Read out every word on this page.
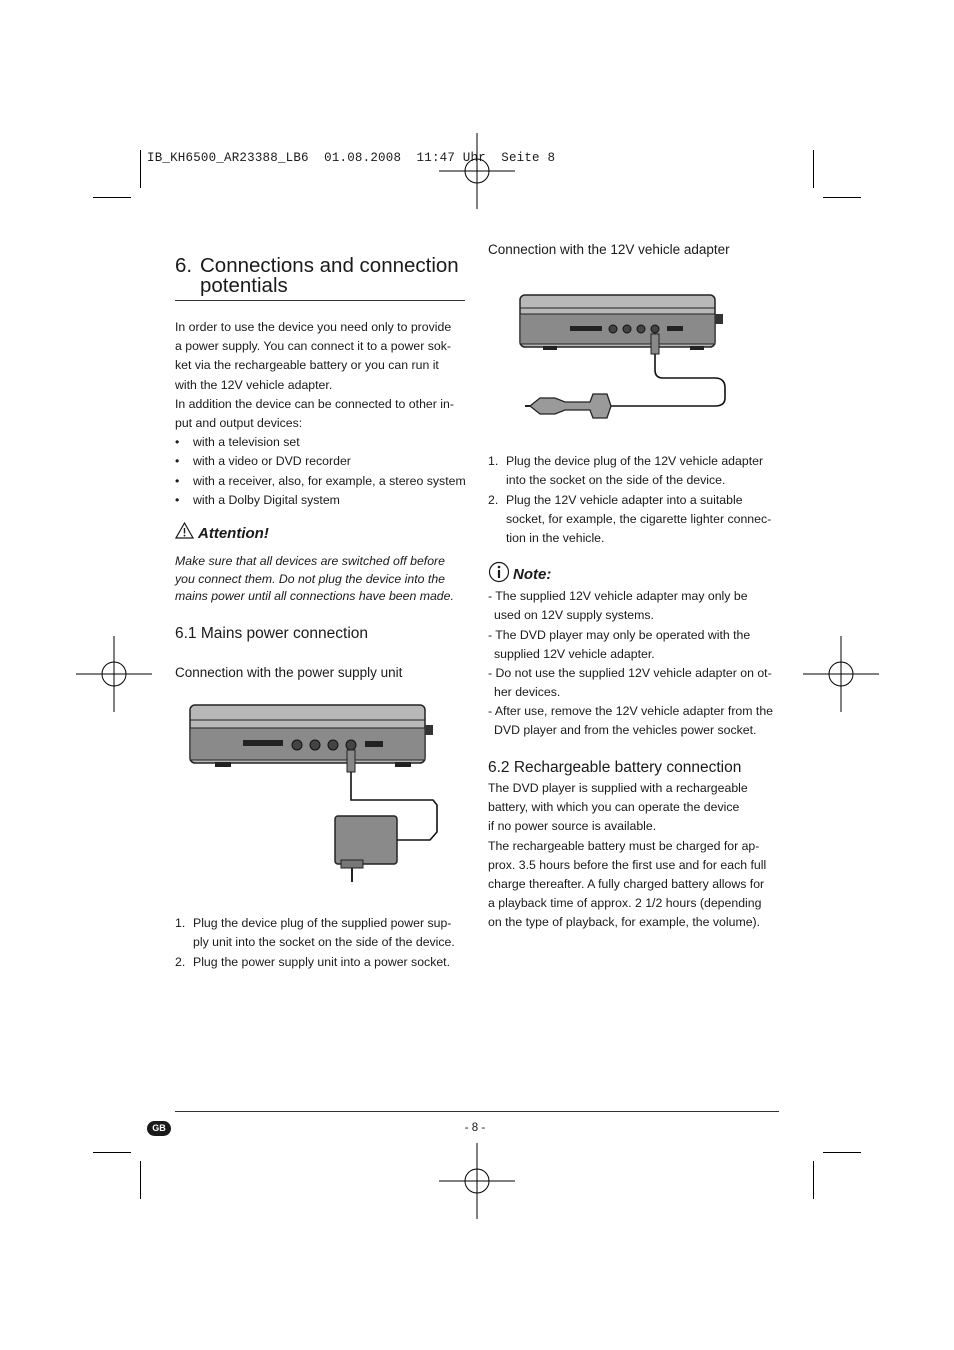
IB_KH6500_AR23388_LB6  01.08.2008  11:47 Uhr  Seite 8
6. Connections and connection
potentials
In order to use the device you need only to provide
a power supply. You can connect it to a power sok-
ket via the rechargeable battery or you can run it
with the 12V vehicle adapter.
In addition the device can be connected to other in-
put and output devices:
• with a television set
• with a video or DVD recorder
• with a receiver, also, for example, a stereo system
• with a Dolby Digital system
Attention!
Make sure that all devices are switched off before
you connect them. Do not plug the device into the
mains power until all connections have been made.
6.1 Mains power connection
Connection with the power supply unit
1. Plug the device plug of the supplied power sup-
ply unit into the socket on the side of the device.
2. Plug the power supply unit into a power socket.
Connection with the 12V vehicle adapter
1. Plug the device plug of the 12V vehicle adapter
into the socket on the side of the device.
2. Plug the 12V vehicle adapter into a suitable
socket, for example, the cigarette lighter connec-
tion in the vehicle.
Note:
- The supplied 12V vehicle adapter may only be
used on 12V supply systems.
- The DVD player may only be operated with the
supplied 12V vehicle adapter.
- Do not use the supplied 12V vehicle adapter on ot-
her devices.
- After use, remove the 12V vehicle adapter from the
DVD player and from the vehicles power socket.
6.2 Rechargeable battery connection
The DVD player is supplied with a rechargeable
battery, with which you can operate the device
if no power source is available.
The rechargeable battery must be charged for ap-
prox. 3.5 hours before the first use and for each full
charge thereafter. A fully charged battery allows for
a playback time of approx. 2 1/2 hours (depending
on the type of playback, for example, the volume).
GB	- 8 -
